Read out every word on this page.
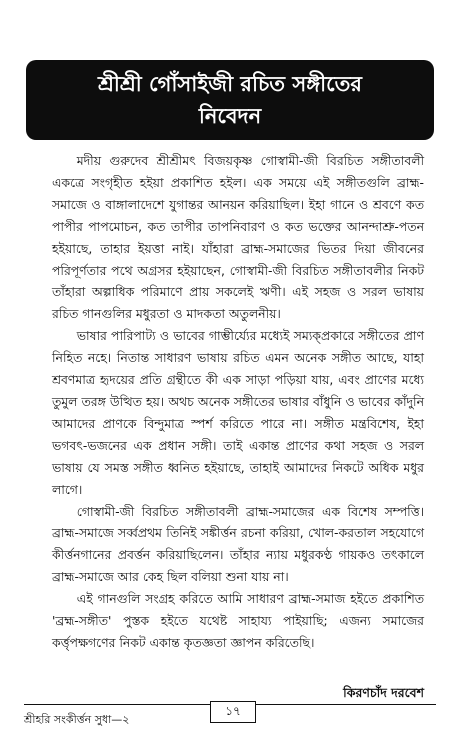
শ্রীশ্রী গোঁসাইজী রচিত সঙ্গীতের
নিবেদন

মদীয় গুরুদেব শ্রীশ্রীমৎ বিজয়কৃষ্ণ গোস্বামী-জী বিরচিত সঙ্গীতাবলী একত্রে সংগৃহীত হইয়া প্রকাশিত হইল। এক সময়ে এই সঙ্গীতগুলি ব্রাহ্ম-সমাজে ও বাঙ্গালাদেশে যুগান্তর আনয়ন করিয়াছিল। ইহা গানে ও শ্রবণে কত পাপীর পাপমোচন, কত তাপীর তাপনিবারণ ও কত ভক্তের আনন্দাশ্রু-পতন হইয়াছে, তাহার ইয়ত্তা নাই। যাঁহারা ব্রাহ্ম-সমাজের ভিতর দিয়া জীবনের পরিপূর্ণতার পথে অগ্রসর হইয়াছেন, গোস্বামী-জী বিরচিত সঙ্গীতাবলীর নিকট তাঁহারা অল্পাধিক পরিমাণে প্রায় সকলেই ঋণী। এই সহজ ও সরল ভাষায় রচিত গানগুলির মধুরতা ও মাদকতা অতুলনীয়।

ভাষার পারিপাট্য ও ভাবের গাম্ভীর্য্যের মধ্যেই সম্যক্প্রকারে সঙ্গীতের প্রাণ নিহিত নহে। নিতান্ত সাধারণ ভাষায় রচিত এমন অনেক সঙ্গীত আছে, যাহা শ্রবণমাত্র হৃদয়ের প্রতি গ্রন্থীতে কী এক সাড়া পড়িয়া যায়, এবং প্রাণের মধ্যে তুমুল তরঙ্গ উত্থিত হয়। অথচ অনেক সঙ্গীতের ভাষার বাঁধুনি ও ভাবের কাঁদুনি আমাদের প্রাণকে বিন্দুমাত্র স্পর্শ করিতে পারে না। সঙ্গীত মন্ত্রবিশেষ, ইহা ভগবৎ-ভজনের এক প্রধান সঙ্গী। তাই একান্ত প্রাণের কথা সহজ ও সরল ভাষায় যে সমস্ত সঙ্গীত ধ্বনিত হইয়াছে, তাহাই আমাদের নিকটে অধিক মধুর লাগে।

গোস্বামী-জী বিরচিত সঙ্গীতাবলী ব্রাহ্ম-সমাজের এক বিশেষ সম্পত্তি। ব্রাহ্ম-সমাজে সর্ব্বপ্রথম তিনিই সঙ্কীর্ত্তন রচনা করিয়া, খোল-করতাল সহযোগে কীর্ত্তনগানের প্রবর্ত্তন করিয়াছিলেন। তাঁহার ন্যায় মধুরকণ্ঠ গায়কও তৎকালে ব্রাহ্ম-সমাজে আর কেহ ছিল বলিয়া শুনা যায় না।

এই গানগুলি সংগ্রহ করিতে আমি সাধারণ ব্রাহ্ম-সমাজ হইতে প্রকাশিত 'ব্রহ্ম-সঙ্গীত' পুস্তক হইতে যথেষ্ট সাহায্য পাইয়াছি; এজন্য সমাজের কর্ত্তৃপক্ষগণের নিকট একান্ত কৃতজ্ঞতা জ্ঞাপন করিতেছি।

কিরণচাঁদ দরবেশ
শ্রীহরি সংকীর্ত্তন সুধা—২
১৭
